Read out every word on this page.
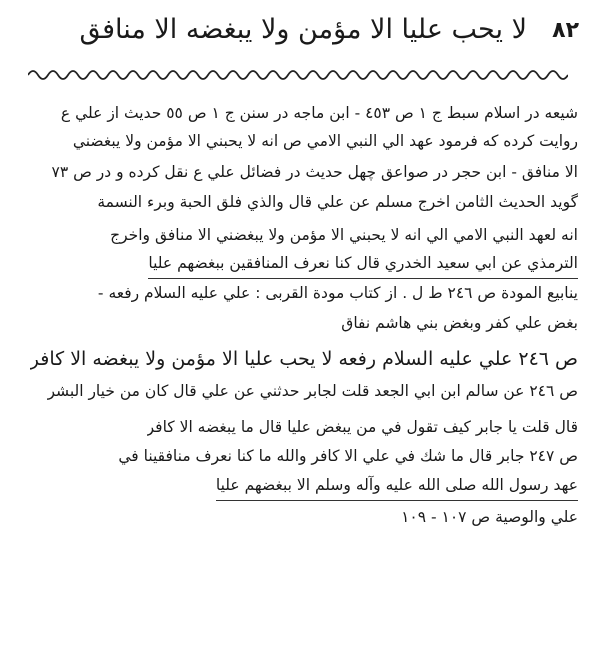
٨٢
لا يحب عليا الا مؤمن ولا يبغضه الا منافق
شيعه در اسلام سبط ج ١ ص ٤٥٣ - ابن ماجه در سنن ج ١ ص ٥٥ حديث از علي ع
روايت كرده كه فرمود عهد الي النبي الامي ص انه لا يحبني الا مؤمن ولا يبغضني
الا منافق - ابن حجر در صواعق چهل حديث در فضائل علي ع نقل كرده و در ص ٧٣
گويد الحديث الثامن اخرج مسلم عن علي قال والذي فلق الحبة وبرء النسمة
انه لعهد النبي الامي الي انه لا يحبني الا مؤمن ولا يبغضني الا منافق واخرج
الترمذي عن ابي سعيد الخدري قال كنا نعرف المنافقين ببغضهم عليا
ينابيع المودة ص ٢٤٦ ط ل . از كتاب مودة القربى : علي عليه السلام رفعه -
بغض علي كفر وبغض بني هاشم نفاق
ص ٢٤٦ علي عليه السلام رفعه لا يحب عليا الا مؤمن ولا يبغضه الا كافر
ص ٢٤٦ عن سالم ابن ابي الجعد قلت لجابر حدثني عن علي قال كان من خيار البشر
قال قلت يا جابر كيف تقول في من يبغض عليا قال ما يبغضه الا كافر
ص ٢٤٧ جابر قال ما شك في علي الا كافر والله ما كنا نعرف منافقينا في
عهد رسول الله صلى الله عليه وآله وسلم الا ببغضهم عليا
علي والوصية ص ١٠٧ - ١٠٩
